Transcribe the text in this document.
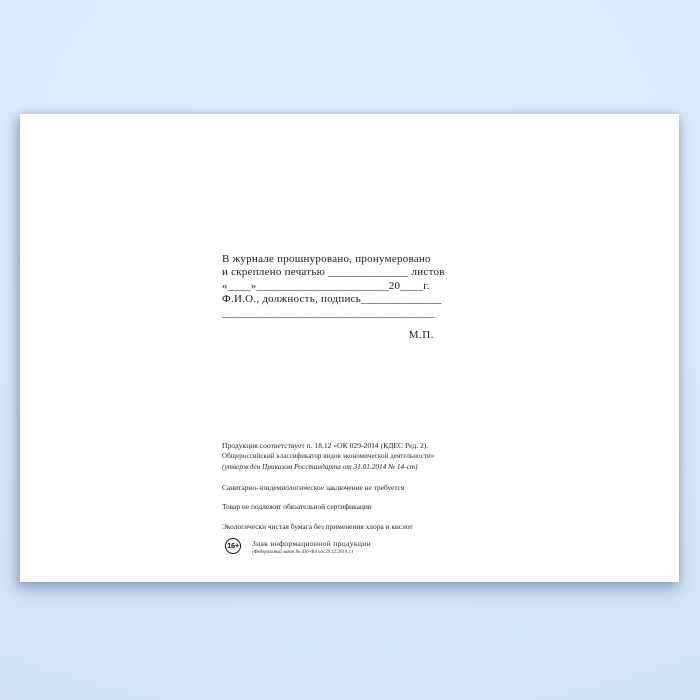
В журнале прошнуровано, пронумеровано
и скреплено печатью ______________ листов
«____»_______________________20____г.
Ф.И.О., должность, подпись______________
_____________________________________
М.П.
Продукция соответствует п. 18.12 «ОК 029-2014 (КДЕС Ред. 2).
Общероссийский классификатор видов экономической деятельности»
(утвержден Приказом Росстандарта от 31.01.2014 № 14-ст)
Санитарно-эпидемиологическое заключение не требуется
Товар не подлежит обязательной сертификации
Экологически чистая бумага без применения хлора и кислот
16+ Знак информационной продукции
(Федеральный закон № 436-ФЗ от 29.12.2010 г.)
